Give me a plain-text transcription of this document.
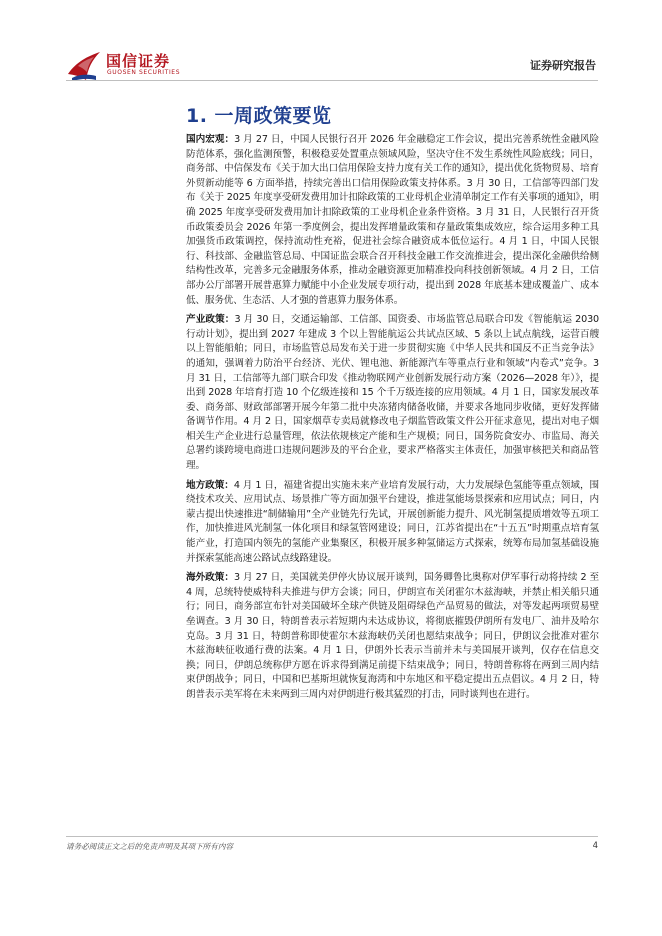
国信证券
GUOSEN SECURITIES
证券研究报告
1. 一周政策要览

国内宏观：3 月 27 日，中国人民银行召开 2026 年金融稳定工作会议，提出完善系统性金融风险防范体系，强化监测预警，积极稳妥处置重点领域风险，坚决守住不发生系统性风险底线；同日，商务部、中信保发布《关于加大出口信用保险支持力度有关工作的通知》，提出优化货物贸易、培育外贸新动能等 6 方面举措，持续完善出口信用保险政策支持体系。3 月 30 日，工信部等四部门发布《关于 2025 年度享受研发费用加计扣除政策的工业母机企业清单制定工作有关事项的通知》，明确 2025 年度享受研发费用加计扣除政策的工业母机企业条件资格。3 月 31 日，人民银行召开货币政策委员会 2026 年第一季度例会，提出发挥增量政策和存量政策集成效应，综合运用多种工具加强货币政策调控，保持流动性充裕，促进社会综合融资成本低位运行。4 月 1 日，中国人民银行、科技部、金融监管总局、中国证监会联合召开科技金融工作交流推进会，提出深化金融供给侧结构性改革，完善多元金融服务体系，推动金融资源更加精准投向科技创新领域。4 月 2 日，工信部办公厅部署开展普惠算力赋能中小企业发展专项行动，提出到 2028 年底基本建成覆盖广、成本低、服务优、生态活、人才强的普惠算力服务体系。

产业政策：3 月 30 日，交通运输部、工信部、国资委、市场监管总局联合印发《智能航运 2030 行动计划》，提出到 2027 年建成 3 个以上智能航运公共试点区域、5 条以上试点航线，运营百艘以上智能船舶；同日，市场监管总局发布关于进一步贯彻实施《中华人民共和国反不正当竞争法》的通知，强调着力防治平台经济、光伏、锂电池、新能源汽车等重点行业和领域“内卷式”竞争。3 月 31 日，工信部等九部门联合印发《推动物联网产业创新发展行动方案（2026—2028 年）》，提出到 2028 年培育打造 10 个亿级连接和 15 个千万级连接的应用领域。4 月 1 日，国家发展改革委、商务部、财政部部署开展今年第二批中央冻猪肉储备收储，并要求各地同步收储，更好发挥储备调节作用。4 月 2 日，国家烟草专卖局就修改电子烟监管政策文件公开征求意见，提出对电子烟相关生产企业进行总量管理，依法依规核定产能和生产规模；同日，国务院食安办、市监局、海关总署约谈跨境电商进口违规问题涉及的平台企业，要求严格落实主体责任，加强审核把关和商品管理。

地方政策：4 月 1 日，福建省提出实施未来产业培育发展行动，大力发展绿色氢能等重点领域，围绕技术攻关、应用试点、场景推广等方面加强平台建设，推进氢能场景探索和应用试点；同日，内蒙古提出快速推进“制储输用”全产业链先行先试，开展创新能力提升、风光制氢提质增效等五项工作，加快推进风光制氢一体化项目和绿氢管网建设；同日，江苏省提出在“十五五”时期重点培育氢能产业，打造国内领先的氢能产业集聚区，积极开展多种氢储运方式探索，统筹布局加氢基础设施并探索氢能高速公路试点线路建设。

海外政策：3 月 27 日，美国就美伊停火协议展开谈判，国务卿鲁比奥称对伊军事行动将持续 2 至 4 周，总统特使威特科夫推进与伊方会谈；同日，伊朗宣布关闭霍尔木兹海峡，并禁止相关船只通行；同日，商务部宣布针对美国破坏全球产供链及阻碍绿色产品贸易的做法，对等发起两项贸易壁垒调查。3 月 30 日，特朗普表示若短期内未达成协议，将彻底摧毁伊朗所有发电厂、油井及哈尔克岛。3 月 31 日，特朗普称即使霍尔木兹海峡仍关闭也愿结束战争；同日，伊朗议会批准对霍尔木兹海峡征收通行费的法案。4 月 1 日，伊朗外长表示当前并未与美国展开谈判，仅存在信息交换；同日，伊朗总统称伊方愿在诉求得到满足前提下结束战争；同日，特朗普称将在两到三周内结束伊朗战争；同日，中国和巴基斯坦就恢复海湾和中东地区和平稳定提出五点倡议。4 月 2 日，特朗普表示美军将在未来两到三周内对伊朗进行极其猛烈的打击，同时谈判也在进行。

请务必阅读正文之后的免责声明及其项下所有内容	4
